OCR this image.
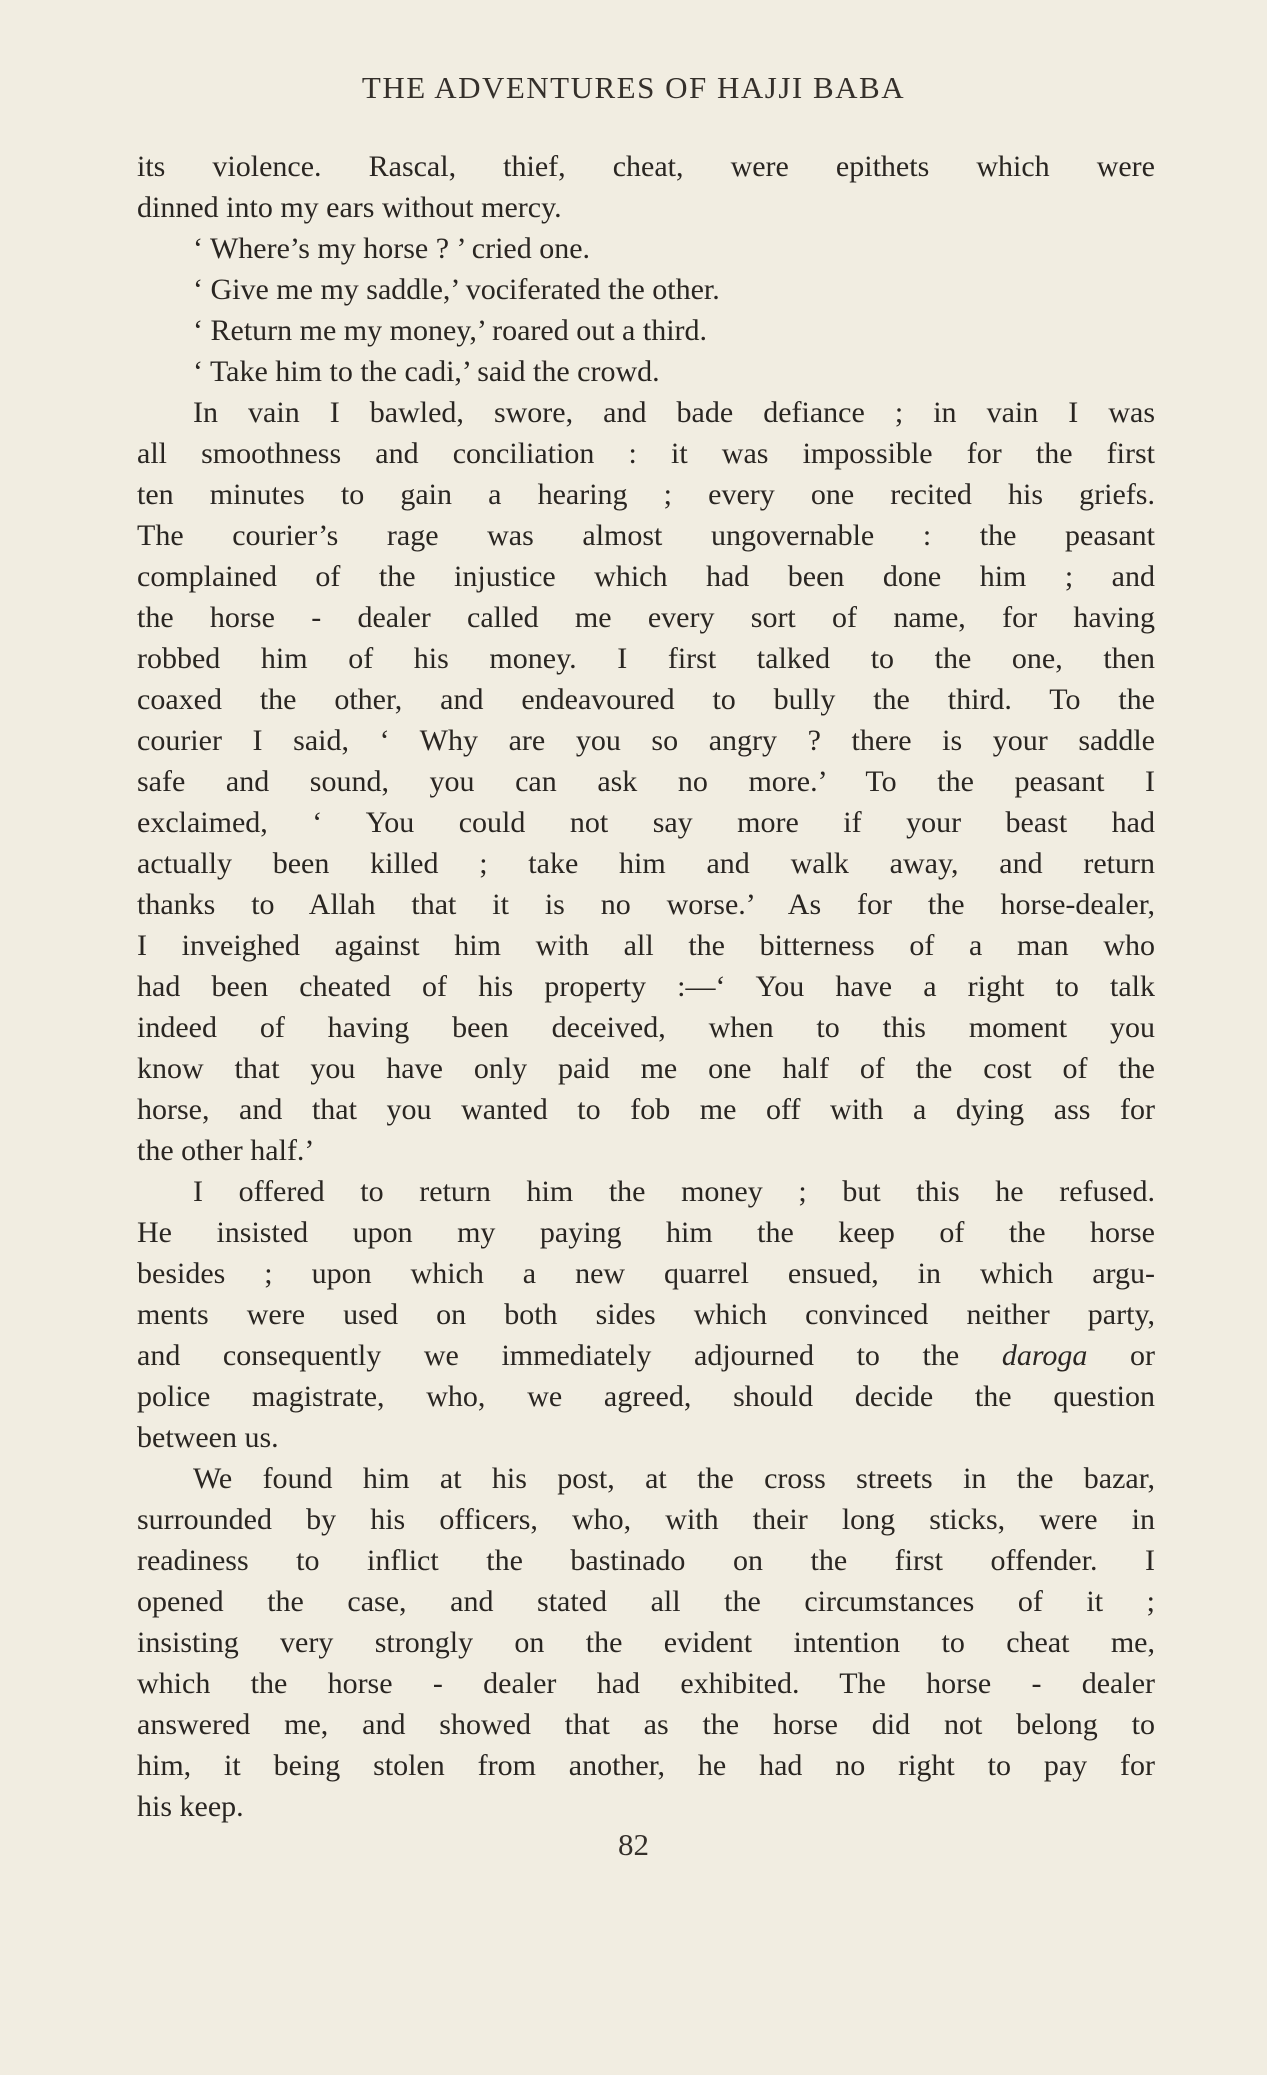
THE ADVENTURES OF HAJJI BABA
its violence. Rascal, thief, cheat, were epithets which were
dinned into my ears without mercy.
‘ Where’s my horse ? ’ cried one.
‘ Give me my saddle,’ vociferated the other.
‘ Return me my money,’ roared out a third.
‘ Take him to the cadi,’ said the crowd.
In vain I bawled, swore, and bade defiance ; in vain I was
all smoothness and conciliation : it was impossible for the first
ten minutes to gain a hearing ; every one recited his griefs.
The courier’s rage was almost ungovernable : the peasant
complained of the injustice which had been done him ; and
the horse - dealer called me every sort of name, for having
robbed him of his money. I first talked to the one, then
coaxed the other, and endeavoured to bully the third. To the
courier I said, ‘ Why are you so angry ? there is your saddle
safe and sound, you can ask no more.’ To the peasant I
exclaimed, ‘ You could not say more if your beast had
actually been killed ; take him and walk away, and return
thanks to Allah that it is no worse.’ As for the horse-dealer,
I inveighed against him with all the bitterness of a man who
had been cheated of his property :—‘ You have a right to talk
indeed of having been deceived, when to this moment you
know that you have only paid me one half of the cost of the
horse, and that you wanted to fob me off with a dying ass for
the other half.’
I offered to return him the money ; but this he refused.
He insisted upon my paying him the keep of the horse
besides ; upon which a new quarrel ensued, in which argu-
ments were used on both sides which convinced neither party,
and consequently we immediately adjourned to the daroga or
police magistrate, who, we agreed, should decide the question
between us.
We found him at his post, at the cross streets in the bazar,
surrounded by his officers, who, with their long sticks, were in
readiness to inflict the bastinado on the first offender. I
opened the case, and stated all the circumstances of it ;
insisting very strongly on the evident intention to cheat me,
which the horse - dealer had exhibited. The horse - dealer
answered me, and showed that as the horse did not belong to
him, it being stolen from another, he had no right to pay for
his keep.
82
